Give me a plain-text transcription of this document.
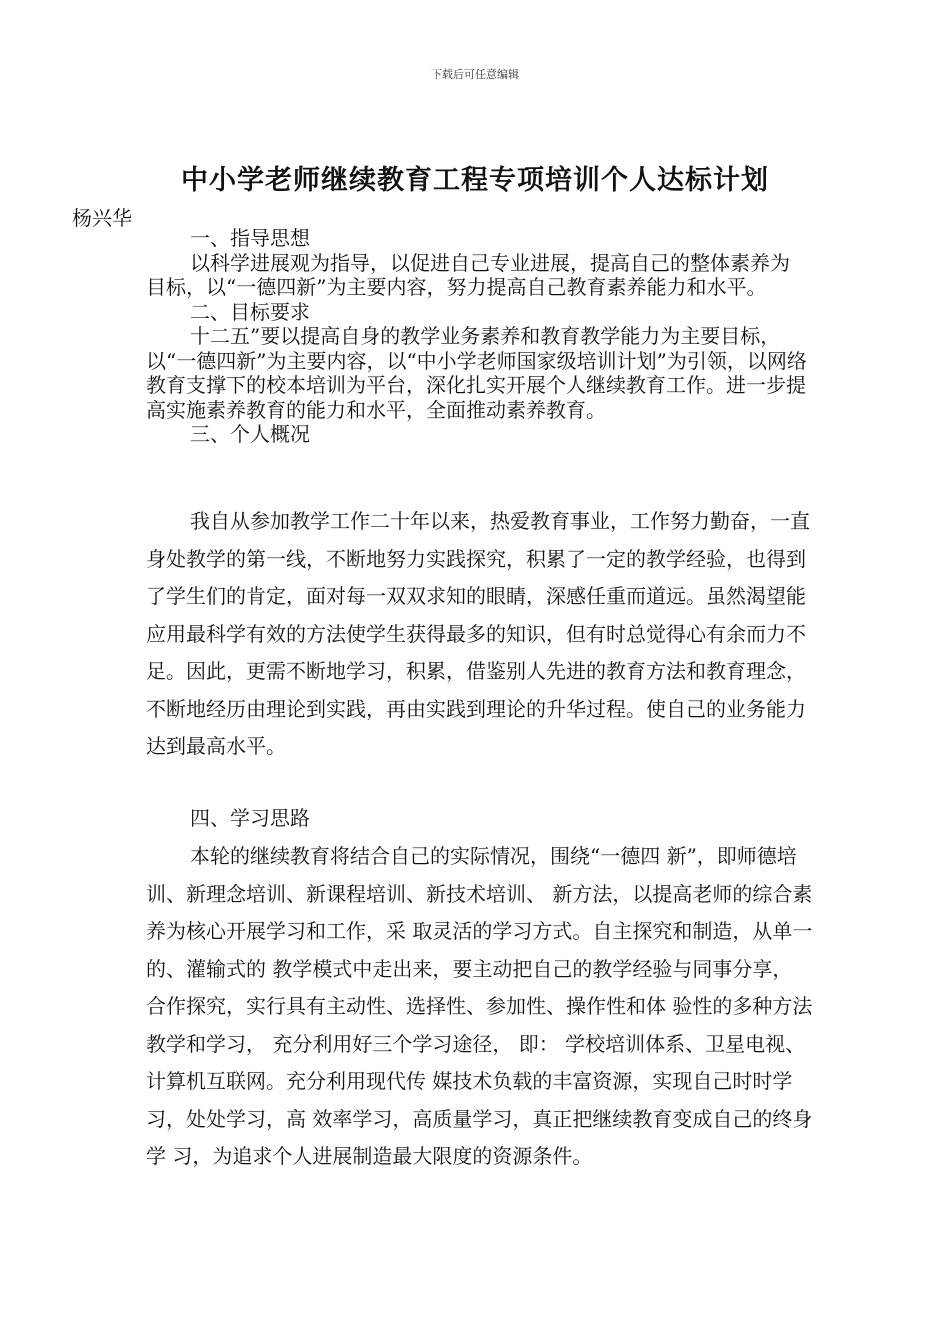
下载后可任意编辑
中小学老师继续教育工程专项培训个人达标计划
杨兴华

一、指导思想

以科学进展观为指导，以促进自己专业进展，提高自己的整体素养为目标，以“一德四新”为主要内容，努力提高自己教育素养能力和水平。

二、目标要求

十二五”要以提高自身的教学业务素养和教育教学能力为主要目标，以“一德四新”为主要内容，以“中小学老师国家级培训计划”为引领，以网络教育支撑下的校本培训为平台，深化扎实开展个人继续教育工作。进一步提高实施素养教育的能力和水平，全面推动素养教育。

三、个人概况

我自从参加教学工作二十年以来，热爱教育事业，工作努力勤奋，一直身处教学的第一线，不断地努力实践探究，积累了一定的教学经验，也得到了学生们的肯定，面对每一双双求知的眼睛，深感任重而道远。虽然渴望能应用最科学有效的方法使学生获得最多的知识，但有时总觉得心有余而力不足。因此，更需不断地学习，积累，借鉴别人先进的教育方法和教育理念，不断地经历由理论到实践，再由实践到理论的升华过程。使自己的业务能力达到最高水平。

四、学习思路

本轮的继续教育将结合自己的实际情况，围绕“一德四 新”，即师德培训、新理念培训、新课程培训、新技术培训、 新方法，以提高老师的综合素养为核心开展学习和工作，采 取灵活的学习方式。自主探究和制造，从单一的、灌输式的 教学模式中走出来，要主动把自己的教学经验与同事分享， 合作探究，实行具有主动性、选择性、参加性、操作性和体 验性的多种方法教学和学习， 充分利用好三个学习途径， 即： 学校培训体系、卫星电视、计算机互联网。充分利用现代传 媒技术负载的丰富资源，实现自己时时学习，处处学习，高 效率学习，高质量学习，真正把继续教育变成自己的终身学 习，为追求个人进展制造最大限度的资源条件。
